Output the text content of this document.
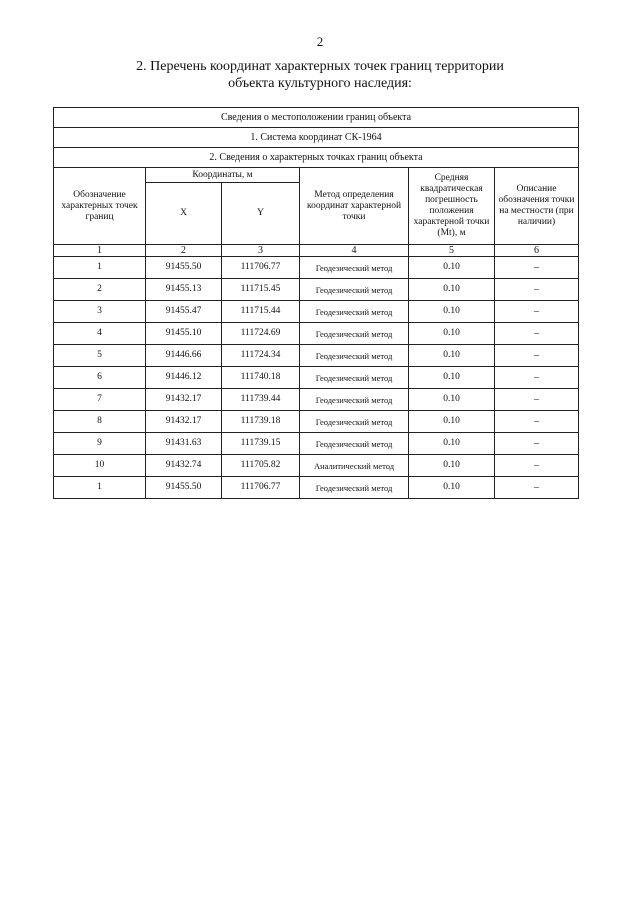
2
2. Перечень координат характерных точек границ территории
объекта культурного наследия:
Сведения о местоположении границ объекта					
1. Система координат СК-1964					
2. Сведения о характерных точках границ объекта					
Обозначение характерных точек границ	Координаты, м		Метод определения координат характерной точки	Средняя квадратическая погрешность положения характерной точки (Mt), м	Описание обозначения точки на местности (при наличии)
	X	Y			
1	2	3	4	5	6
1	91455.50	111706.77	Геодезический метод	0.10	–
2	91455.13	111715.45	Геодезический метод	0.10	–
3	91455.47	111715.44	Геодезический метод	0.10	–
4	91455.10	111724.69	Геодезический метод	0.10	–
5	91446.66	111724.34	Геодезический метод	0.10	–
6	91446.12	111740.18	Геодезический метод	0.10	–
7	91432.17	111739.44	Геодезический метод	0.10	–
8	91432.17	111739.18	Геодезический метод	0.10	–
9	91431.63	111739.15	Геодезический метод	0.10	–
10	91432.74	111705.82	Аналитический метод	0.10	–
1	91455.50	111706.77	Геодезический метод	0.10	–
